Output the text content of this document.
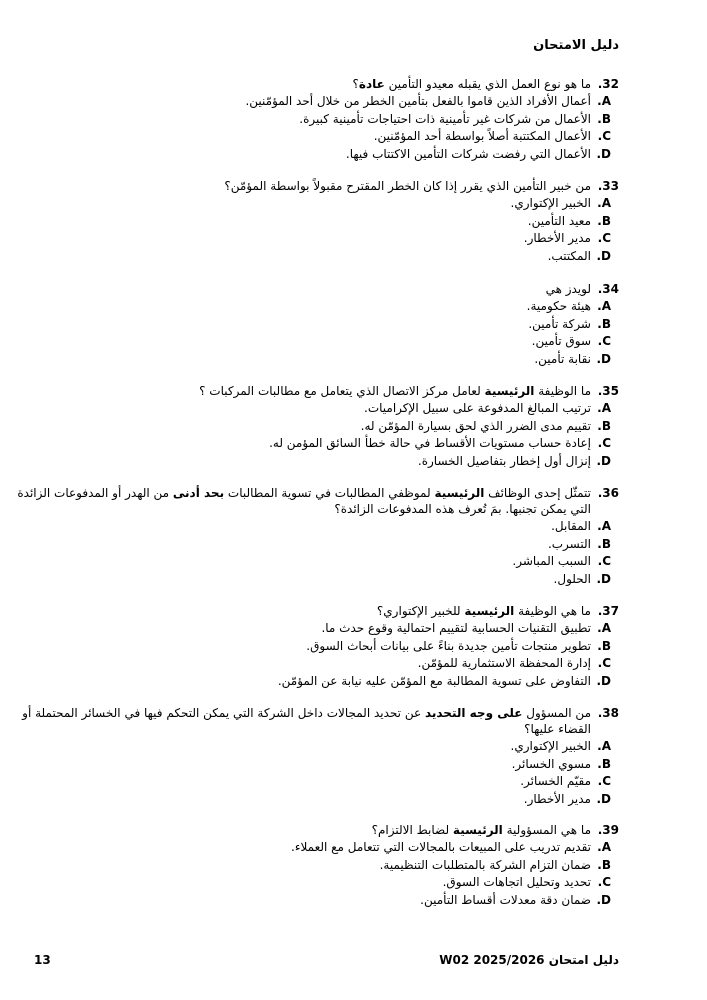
دليل الامتحان
32.
ما هو نوع العمل الذي يقبله معيدو التأمين عادة؟
A.
أعمال الأفراد الذين قاموا بالفعل بتأمين الخطر من خلال أحد المؤمّنين.
B.
الأعمال من شركات غير تأمينية ذات احتياجات تأمينية كبيرة.
C.
الأعمال المكتتبة أصلاً بواسطة أحد المؤمّنين.
D.
الأعمال التي رفضت شركات التأمين الاكتتاب فيها.
33.
من خبير التأمين الذي يقرر إذا كان الخطر المقترح مقبولاً بواسطة المؤمّن؟
A.
الخبير الإكتواري.
B.
معيد التأمين.
C.
مدير الأخطار.
D.
المكتتب.
34.
لويدز هي
A.
هيئة حكومية.
B.
شركة تأمين.
C.
سوق تأمين.
D.
نقابة تأمين.
35.
ما الوظيفة الرئيسية لعامل مركز الاتصال الذي يتعامل مع مطالبات المركبات ؟
A.
ترتيب المبالغ المدفوعة على سبيل الإكراميات.
B.
تقييم مدى الضرر الذي لحق بسيارة المؤمّن له.
C.
إعادة حساب مستويات الأقساط في حالة خطأ السائق المؤمن له.
D.
إنزال أول إخطار بتفاصيل الخسارة.
36.
تتمثّل إحدى الوظائف الرئيسية لموظفي المطالبات في تسوية المطالبات بحد أدنى من الهدر أو المدفوعات الزائدة التي يمكن تجنبها. بمَ تُعرف هذه المدفوعات الزائدة؟
A.
المقابل.
B.
التسرب.
C.
السبب المباشر.
D.
الحلول.
37.
ما هي الوظيفة الرئيسية للخبير الإكتواري؟
A.
تطبيق التقنيات الحسابية لتقييم احتمالية وقوع حدث ما.
B.
تطوير منتجات تأمين جديدة بناءً على بيانات أبحاث السوق.
C.
إدارة المحفظة الاستثمارية للمؤمّن.
D.
التفاوض على تسوية المطالبة مع المؤمّن عليه نيابة عن المؤمّن.
38.
من المسؤول على وجه التحديد عن تحديد المجالات داخل الشركة التي يمكن التحكم فيها في الخسائر المحتملة أو القضاء عليها؟
A.
الخبير الإكتواري.
B.
مسوي الخسائر.
C.
مقيّم الخسائر.
D.
مدير الأخطار.
39.
ما هي المسؤولية الرئيسية لضابط الالتزام؟
A.
تقديم تدريب على المبيعات بالمجالات التي تتعامل مع العملاء.
B.
ضمان التزام الشركة بالمتطلبات التنظيمية.
C.
تحديد وتحليل اتجاهات السوق.
D.
ضمان دقة معدلات أقساط التأمين.
دليل امتحان W02 2025/2026
13
